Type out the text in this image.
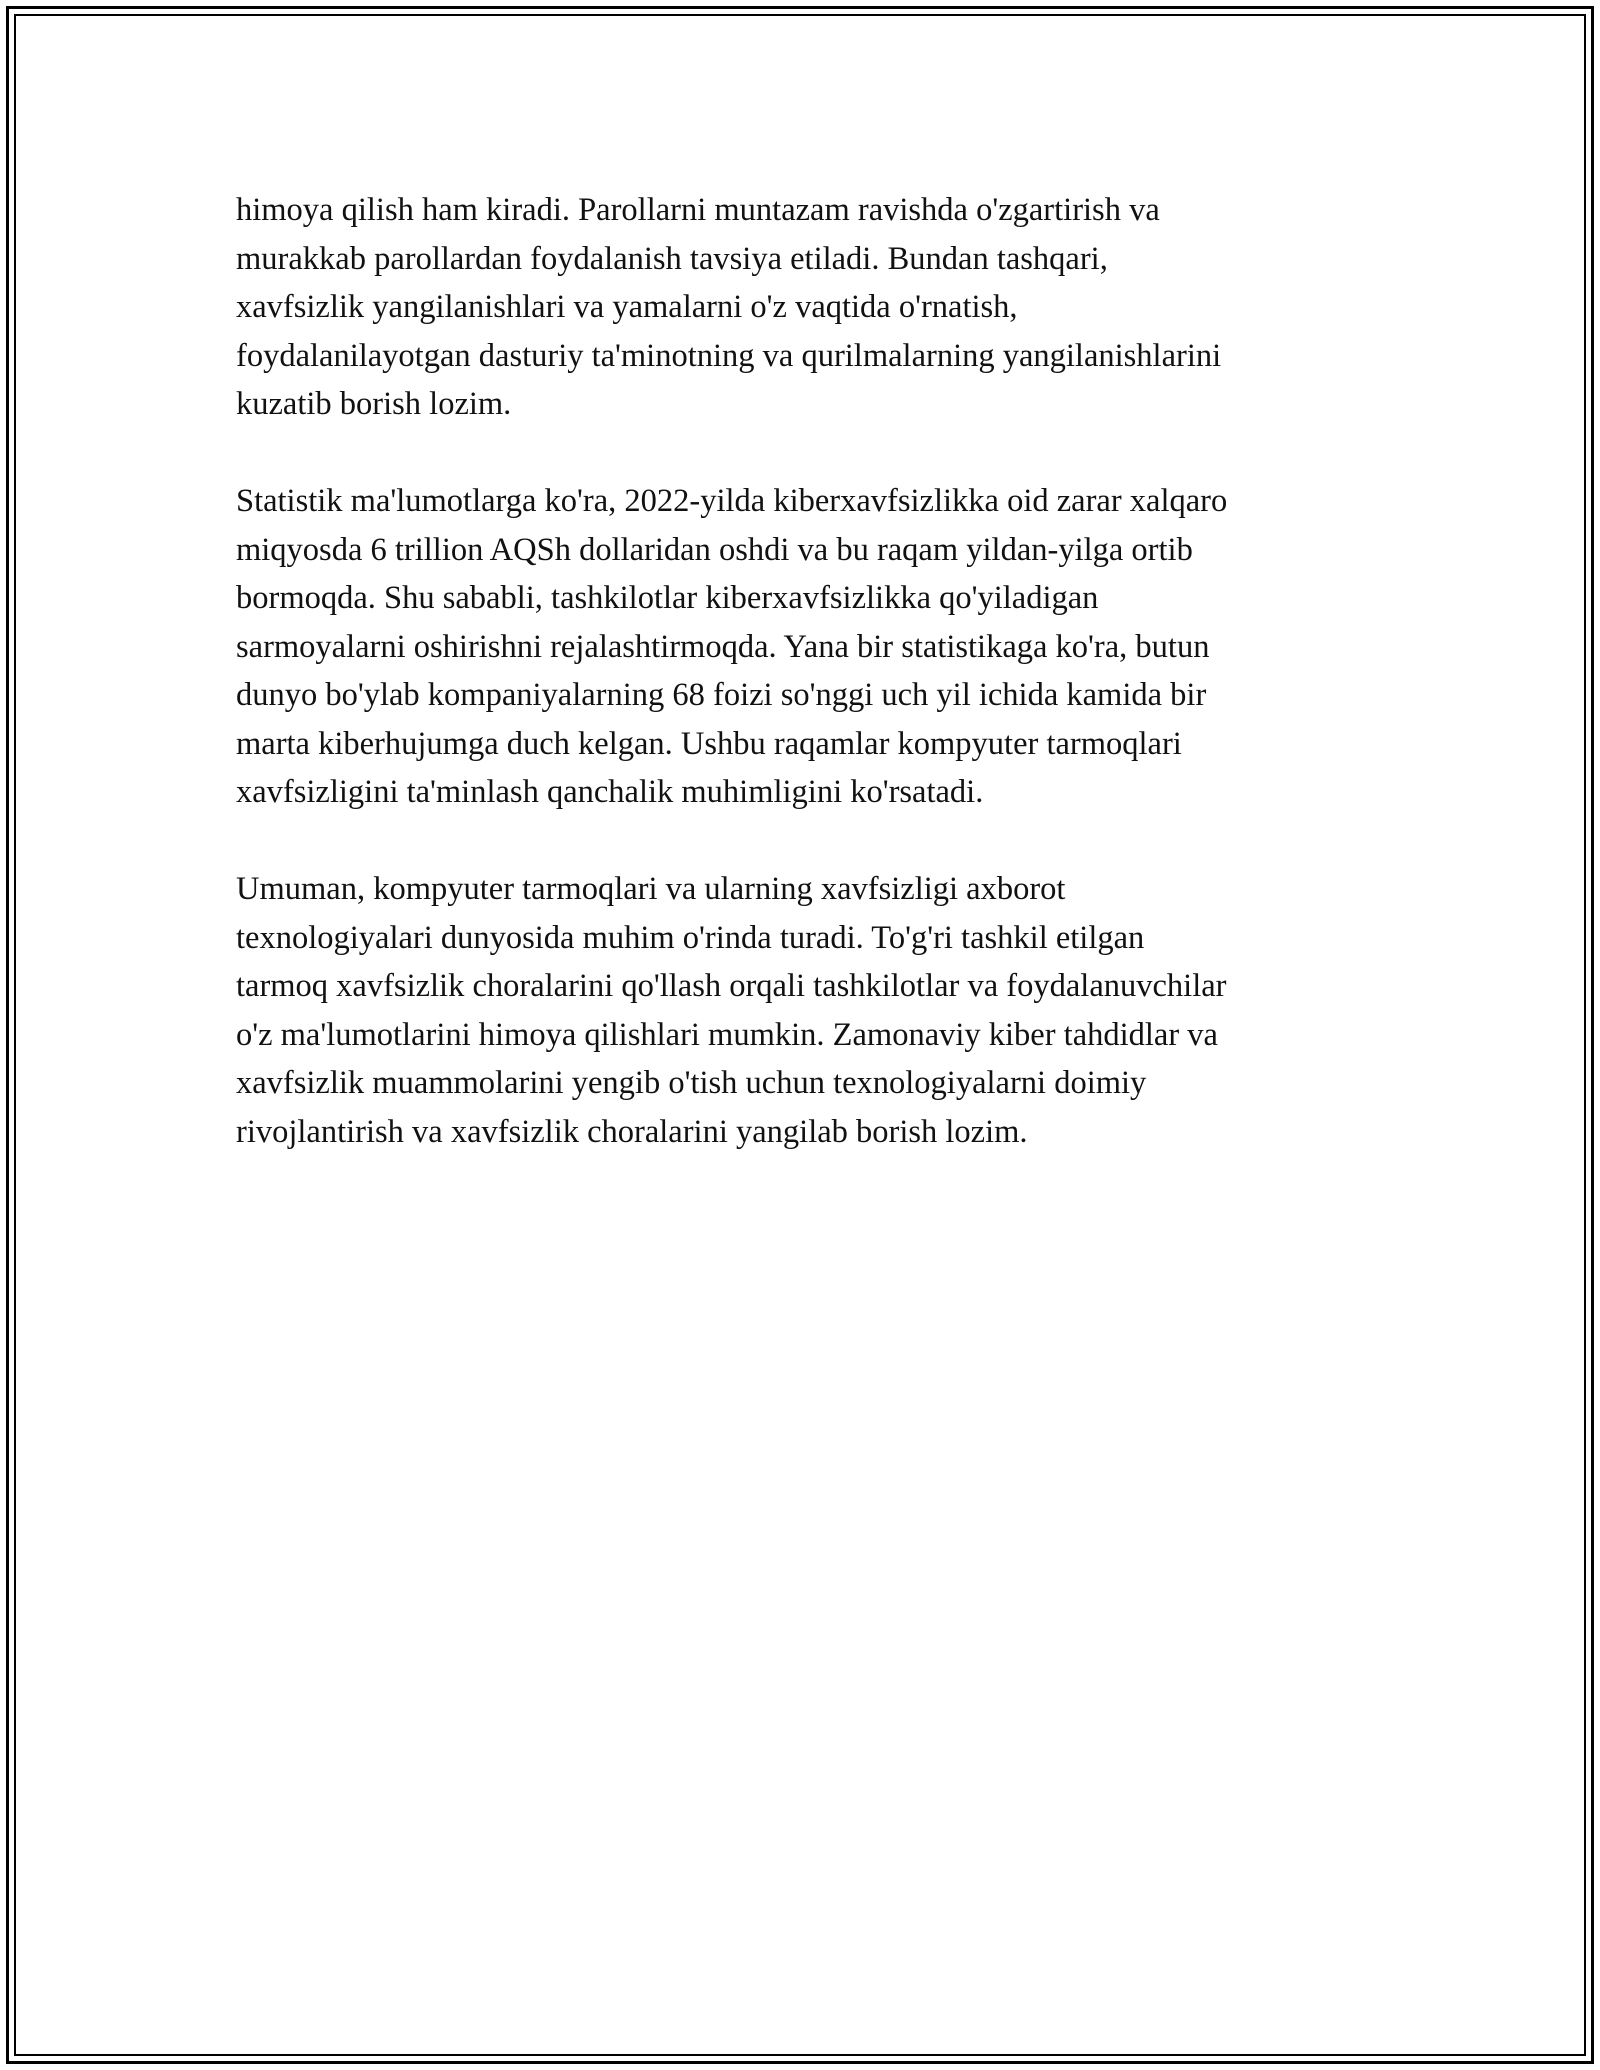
himoya qilish ham kiradi. Parollarni muntazam ravishda o'zgartirish va
murakkab parollardan foydalanish tavsiya etiladi. Bundan tashqari,
xavfsizlik yangilanishlari va yamalarni o'z vaqtida o'rnatish,
foydalanilayotgan dasturiy ta'minotning va qurilmalarning yangilanishlarini
kuzatib borish lozim.

Statistik ma'lumotlarga ko'ra, 2022-yilda kiberxavfsizlikka oid zarar xalqaro
miqyosda 6 trillion AQSh dollaridan oshdi va bu raqam yildan-yilga ortib
bormoqda. Shu sababli, tashkilotlar kiberxavfsizlikka qo'yiladigan
sarmoyalarni oshirishni rejalashtirmoqda. Yana bir statistikaga ko'ra, butun
dunyo bo'ylab kompaniyalarning 68 foizi so'nggi uch yil ichida kamida bir
marta kiberhujumga duch kelgan. Ushbu raqamlar kompyuter tarmoqlari
xavfsizligini ta'minlash qanchalik muhimligini ko'rsatadi.

Umuman, kompyuter tarmoqlari va ularning xavfsizligi axborot
texnologiyalari dunyosida muhim o'rinda turadi. To'g'ri tashkil etilgan
tarmoq xavfsizlik choralarini qo'llash orqali tashkilotlar va foydalanuvchilar
o'z ma'lumotlarini himoya qilishlari mumkin. Zamonaviy kiber tahdidlar va
xavfsizlik muammolarini yengib o'tish uchun texnologiyalarni doimiy
rivojlantirish va xavfsizlik choralarini yangilab borish lozim.
